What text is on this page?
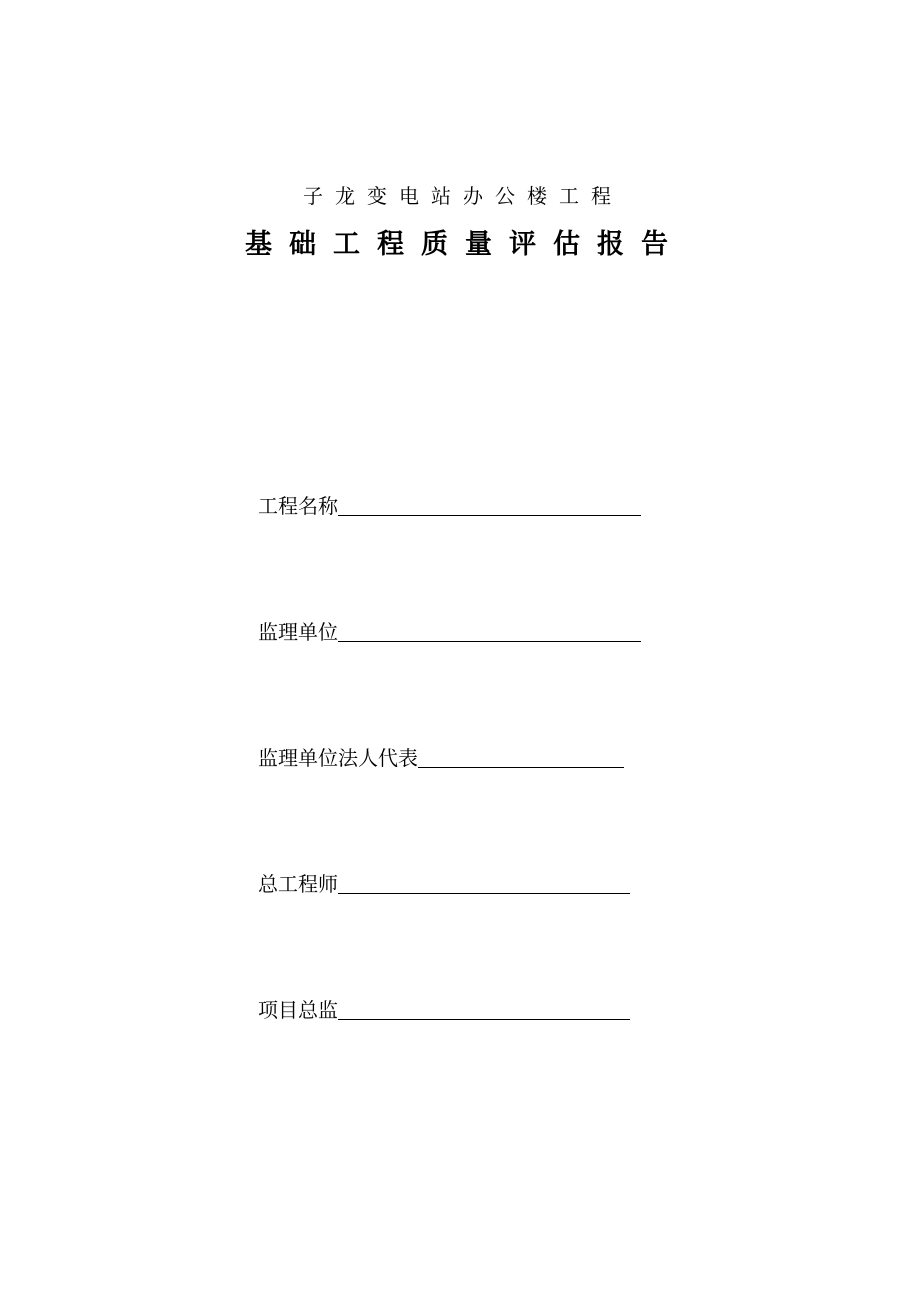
子龙变电站办公楼工程
基础工程质量评估报告
工程名称
监理单位
监理单位法人代表
总工程师
项目总监
